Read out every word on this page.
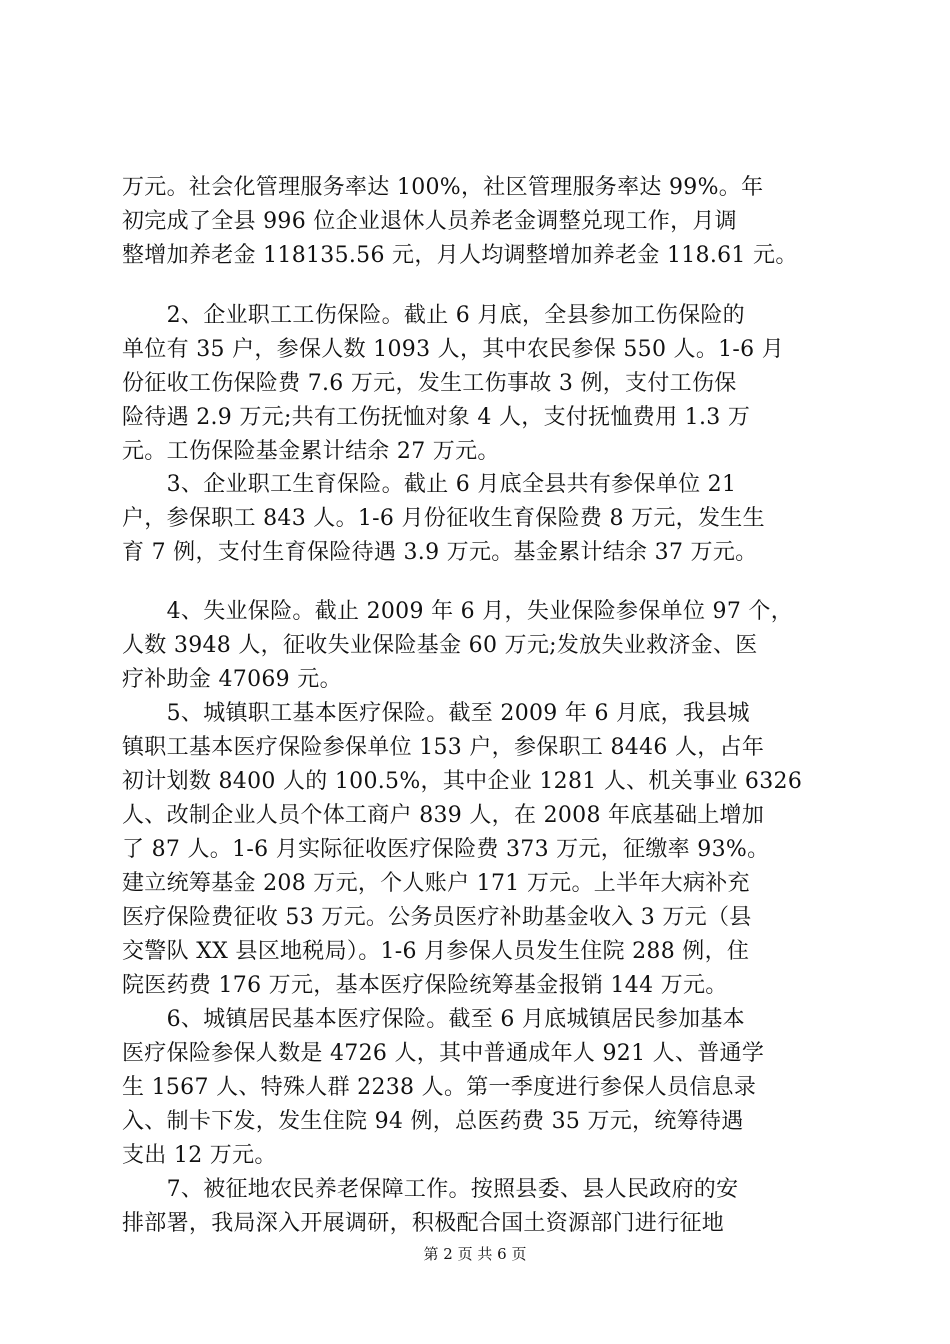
万元。社会化管理服务率达 100%，社区管理服务率达 99%。年
初完成了全县 996 位企业退休人员养老金调整兑现工作，月调
整增加养老金 118135.56 元，月人均调整增加养老金 118.61 元。
　　2、企业职工工伤保险。截止 6 月底，全县参加工伤保险的
单位有 35 户，参保人数 1093 人，其中农民参保 550 人。1-6 月
份征收工伤保险费 7.6 万元，发生工伤事故 3 例，支付工伤保
险待遇 2.9 万元;共有工伤抚恤对象 4 人，支付抚恤费用 1.3 万
元。工伤保险基金累计结余 27 万元。
　　3、企业职工生育保险。截止 6 月底全县共有参保单位 21
户，参保职工 843 人。1-6 月份征收生育保险费 8 万元，发生生
育 7 例，支付生育保险待遇 3.9 万元。基金累计结余 37 万元。
　　4、失业保险。截止 2009 年 6 月，失业保险参保单位 97 个，
人数 3948 人，征收失业保险基金 60 万元;发放失业救济金、医
疗补助金 47069 元。
　　5、城镇职工基本医疗保险。截至 2009 年 6 月底，我县城
镇职工基本医疗保险参保单位 153 户，参保职工 8446 人，占年
初计划数 8400 人的 100.5%，其中企业 1281 人、机关事业 6326
人、改制企业人员个体工商户 839 人，在 2008 年底基础上增加
了 87 人。1-6 月实际征收医疗保险费 373 万元，征缴率 93%。
建立统筹基金 208 万元，个人账户 171 万元。上半年大病补充
医疗保险费征收 53 万元。公务员医疗补助基金收入 3 万元（县
交警队 XX 县区地税局）。1-6 月参保人员发生住院 288 例，住
院医药费 176 万元，基本医疗保险统筹基金报销 144 万元。
　　6、城镇居民基本医疗保险。截至 6 月底城镇居民参加基本
医疗保险参保人数是 4726 人，其中普通成年人 921 人、普通学
生 1567 人、特殊人群 2238 人。第一季度进行参保人员信息录
入、制卡下发，发生住院 94 例，总医药费 35 万元，统筹待遇
支出 12 万元。
　　7、被征地农民养老保障工作。按照县委、县人民政府的安
排部署，我局深入开展调研，积极配合国土资源部门进行征地
第 2 页 共 6 页
